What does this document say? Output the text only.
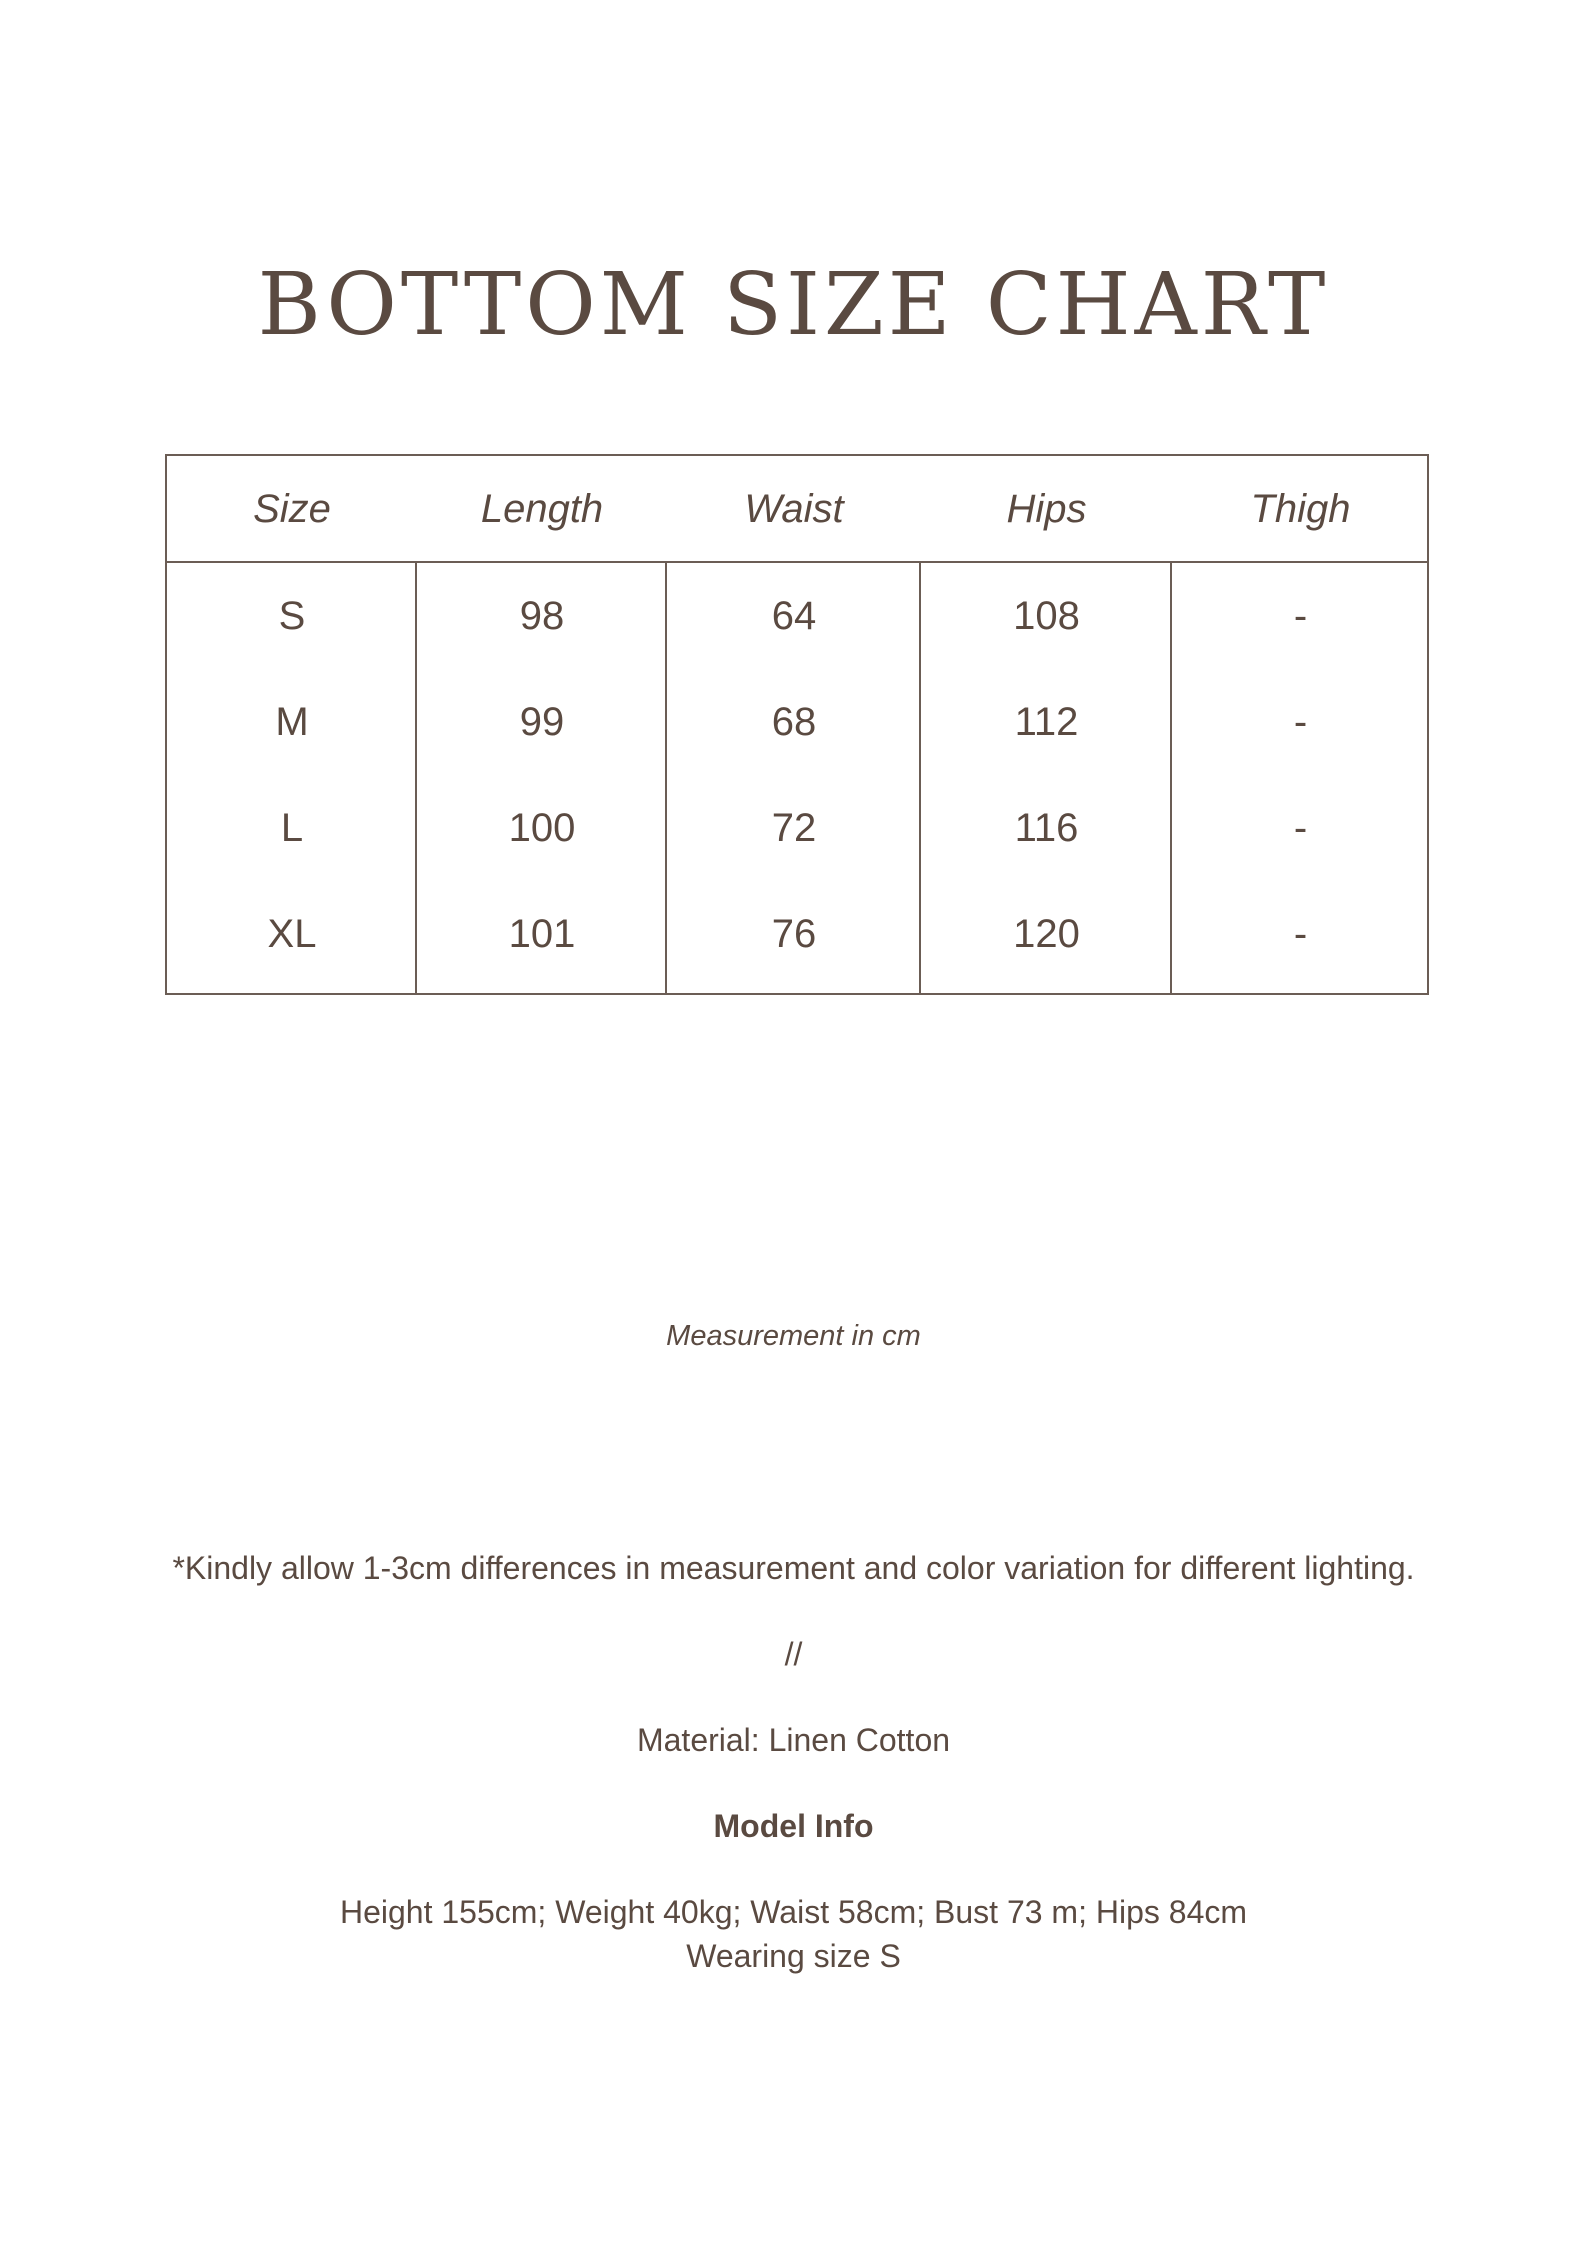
BOTTOM SIZE CHART
Size	Length	Waist	Hips	Thigh
S	98	64	108	-
M	99	68	112	-
L	100	72	116	-
XL	101	76	120	-
Measurement in cm
*Kindly allow 1-3cm differences in measurement and color variation for different lighting.
//
Material: Linen Cotton
Model Info
Height 155cm; Weight 40kg; Waist 58cm; Bust 73 m; Hips 84cm
Wearing size S
